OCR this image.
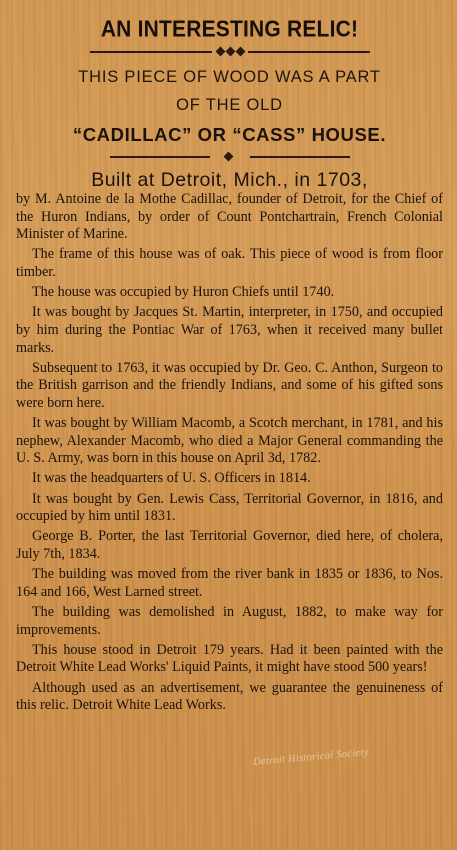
AN INTERESTING RELIC!
THIS PIECE OF WOOD WAS A PART
OF THE OLD
“CADILLAC” OR “CASS” HOUSE.
Built at Detroit, Mich., in 1703,

by M. Antoine de la Mothe Cadillac, founder of Detroit, for the Chief of the Huron Indians, by order of Count Pontchartrain, French Colonial Minister of Marine.

The frame of this house was of oak. This piece of wood is from floor timber.

The house was occupied by Huron Chiefs until 1740.

It was bought by Jacques St. Martin, interpreter, in 1750, and occupied by him during the Pontiac War of 1763, when it received many bullet marks.

Subsequent to 1763, it was occupied by Dr. Geo. C. Anthon, Surgeon to the British garrison and the friendly Indians, and some of his gifted sons were born here.

It was bought by William Macomb, a Scotch merchant, in 1781, and his nephew, Alexander Macomb, who died a Major General commanding the U. S. Army, was born in this house on April 3d, 1782.

It was the headquarters of U. S. Officers in 1814.

It was bought by Gen. Lewis Cass, Territorial Governor, in 1816, and occupied by him until 1831.

George B. Porter, the last Territorial Governor, died here, of cholera, July 7th, 1834.

The building was moved from the river bank in 1835 or 1836, to Nos. 164 and 166, West Larned street.

The building was demolished in August, 1882, to make way for improvements.

This house stood in Detroit 179 years. Had it been painted with the Detroit White Lead Works' Liquid Paints, it might have stood 500 years!

Although used as an advertisement, we guarantee the genuineness of this relic. Detroit White Lead Works.

Detroit Historical Society
